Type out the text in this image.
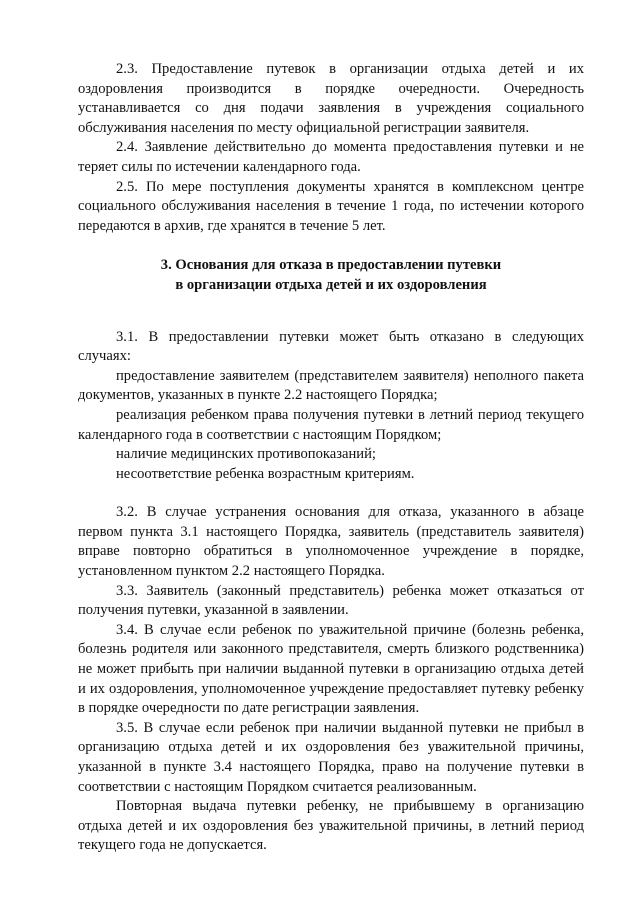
2.3. Предоставление путевок в организации отдыха детей и их оздоровления производится в порядке очередности. Очередность устанавливается со дня подачи заявления в учреждения социального обслуживания населения по месту официальной регистрации заявителя.

2.4. Заявление действительно до момента предоставления путевки и не теряет силы по истечении календарного года.

2.5. По мере поступления документы хранятся в комплексном центре социального обслуживания населения в течение 1 года, по истечении которого передаются в архив, где хранятся в течение 5 лет.

3. Основания для отказа в предоставлении путевки
в организации отдыха детей и их оздоровления

3.1. В предоставлении путевки может быть отказано в следующих случаях:

предоставление заявителем (представителем заявителя) неполного пакета документов, указанных в пункте 2.2 настоящего Порядка;

реализация ребенком права получения путевки в летний период текущего календарного года в соответствии с настоящим Порядком;

наличие медицинских противопоказаний;

несоответствие ребенка возрастным критериям.

3.2. В случае устранения основания для отказа, указанного в абзаце первом пункта 3.1 настоящего Порядка, заявитель (представитель заявителя) вправе повторно обратиться в уполномоченное учреждение в порядке, установленном пунктом 2.2 настоящего Порядка.

3.3. Заявитель (законный представитель) ребенка может отказаться от получения путевки, указанной в заявлении.

3.4. В случае если ребенок по уважительной причине (болезнь ребенка, болезнь родителя или законного представителя, смерть близкого родственника) не может прибыть при наличии выданной путевки в организацию отдыха детей и их оздоровления, уполномоченное учреждение предоставляет путевку ребенку в порядке очередности по дате регистрации заявления.

3.5. В случае если ребенок при наличии выданной путевки не прибыл в организацию отдыха детей и их оздоровления без уважительной причины, указанной в пункте 3.4 настоящего Порядка, право на получение путевки в соответствии с настоящим Порядком считается реализованным.

Повторная выдача путевки ребенку, не прибывшему в организацию отдыха детей и их оздоровления без уважительной причины, в летний период текущего года не допускается.
